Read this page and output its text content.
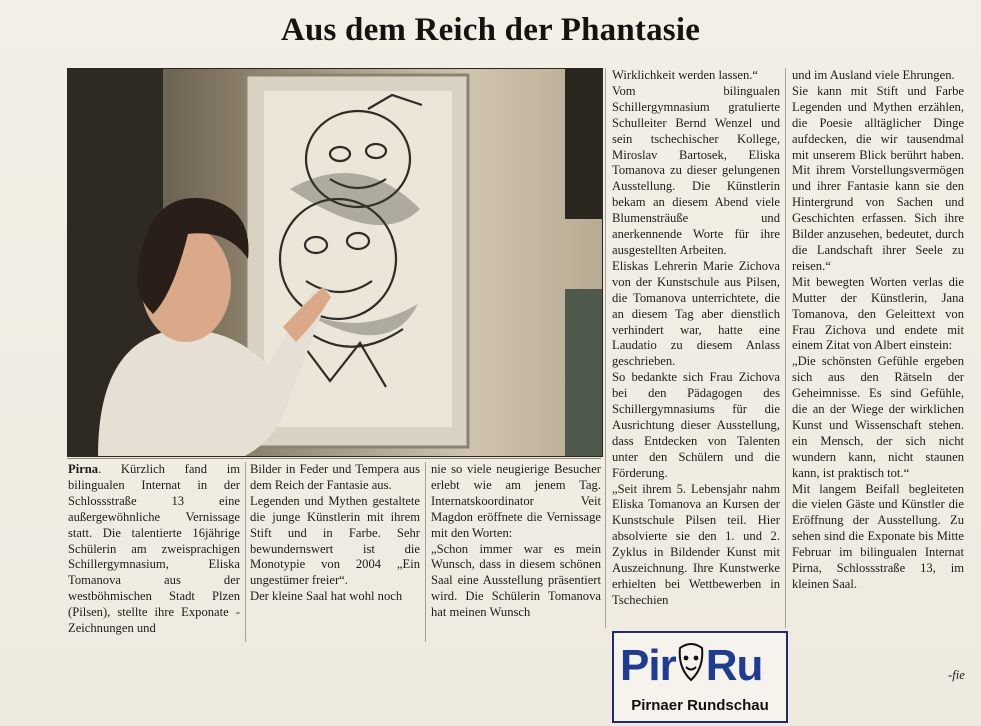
Aus dem Reich der Phantasie

Pirna. Kürzlich fand im bilingualen Internat in der Schlossstraße 13 eine außergewöhnliche Vernissage statt. Die talentierte 16jährige Schülerin am zweisprachigen Schillergymnasium, Eliska Tomanova aus der westböhmischen Stadt Plzen (Pilsen), stellte ihre Exponate - Zeichnungen und

Bilder in Feder und Tempera aus dem Reich der Fantasie aus.

Legenden und Mythen gestaltete die junge Künstlerin mit ihrem Stift und in Farbe. Sehr bewundernswert ist die Monotypie von 2004 „Ein ungestümer freier“.

Der kleine Saal hat wohl noch

nie so viele neugierige Besucher erlebt wie am jenem Tag. Internatskoordinator Veit Magdon eröffnete die Vernissage mit den Worten:

„Schon immer war es mein Wunsch, dass in diesem schönen Saal eine Ausstellung präsentiert wird. Die Schülerin Tomanova hat meinen Wunsch

Wirklichkeit werden lassen.“

Vom bilingualen Schillergymnasium gratulierte Schulleiter Bernd Wenzel und sein tschechischer Kollege, Miroslav Bartosek, Eliska Tomanova zu dieser gelungenen Ausstellung. Die Künstlerin bekam an diesem Abend viele Blumensträuße und anerkennende Worte für ihre ausgestellten Arbeiten.

Eliskas Lehrerin Marie Zichova von der Kunstschule aus Pilsen, die Tomanova unterrichtete, die an diesem Tag aber dienstlich verhindert war, hatte eine Laudatio zu diesem Anlass geschrieben.

So bedankte sich Frau Zichova bei den Pädagogen des Schillergymnasiums für die Ausrichtung dieser Ausstellung, dass Entdecken von Talenten unter den Schülern und die Förderung.

„Seit ihrem 5. Lebensjahr nahm Eliska Tomanova an Kursen der Kunstschule Pilsen teil. Hier absolvierte sie den 1. und 2. Zyklus in Bildender Kunst mit Auszeichnung. Ihre Kunstwerke erhielten bei Wettbewerben in Tschechien

und im Ausland viele Ehrungen.

Sie kann mit Stift und Farbe Legenden und Mythen erzählen, die Poesie alltäglicher Dinge aufdecken, die wir tausendmal mit unserem Blick berührt haben. Mit ihrem Vorstellungsvermögen und ihrer Fantasie kann sie den Hintergrund von Sachen und Geschichten erfassen. Sich ihre Bilder anzusehen, bedeutet, durch die Landschaft ihrer Seele zu reisen.“

Mit bewegten Worten verlas die Mutter der Künstlerin, Jana Tomanova, den Geleittext von Frau Zichova und endete mit einem Zitat von Albert einstein:

„Die schönsten Gefühle ergeben sich aus den Rätseln der Geheimnisse. Es sind Gefühle, die an der Wiege der wirklichen Kunst und Wissenschaft stehen. ein Mensch, der sich nicht wundern kann, nicht staunen kann, ist praktisch tot.“

Mit langem Beifall begleiteten die vielen Gäste und Künstler die Eröffnung der Ausstellung. Zu sehen sind die Exponate bis Mitte Februar im bilingualen Internat Pirna, Schlossstraße 13, im kleinen Saal.

-fie
Pir Ru
Pirnaer Rundschau
